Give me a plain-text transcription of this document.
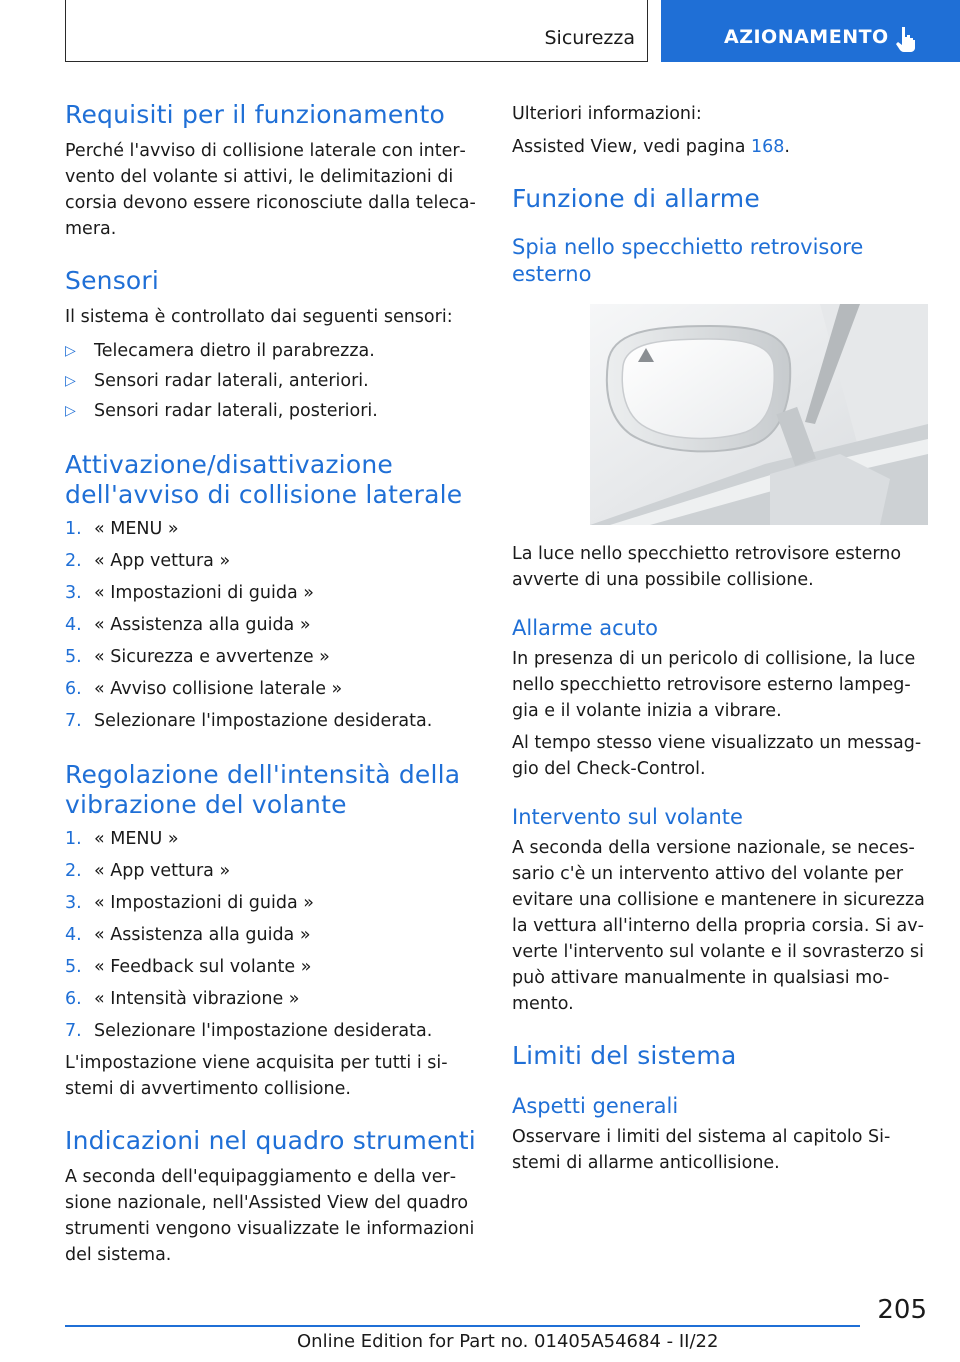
Sicurezza	AZIONAMENTO
Requisiti per il funzionamento

Perché l'avviso di collisione laterale con intervento del volante si attivi, le delimitazioni di corsia devono essere riconosciute dalla telecamera.

Sensori

Il sistema è controllato dai seguenti sensori:

▷ Telecamera dietro il parabrezza.
▷ Sensori radar laterali, anteriori.
▷ Sensori radar laterali, posteriori.
Attivazione/disattivazione
dell'avviso di collisione laterale
1. « MENU »
2. « App vettura »
3. « Impostazioni di guida »
4. « Assistenza alla guida »
5. « Sicurezza e avvertenze »
6. « Avviso collisione laterale »
7. Selezionare l'impostazione desiderata.
Regolazione dell'intensità della
vibrazione del volante
1. « MENU »
2. « App vettura »
3. « Impostazioni di guida »
4. « Assistenza alla guida »
5. « Feedback sul volante »
6. « Intensità vibrazione »
7. Selezionare l'impostazione desiderata.

L'impostazione viene acquisita per tutti i sistemi di avvertimento collisione.

Indicazioni nel quadro strumenti

A seconda dell'equipaggiamento e della versione nazionale, nell'Assisted View del quadro strumenti vengono visualizzate le informazioni del sistema.

Ulteriori informazioni:

Assisted View, vedi pagina 168.

Funzione di allarme
Spia nello specchietto retrovisore
esterno

La luce nello specchietto retrovisore esterno avverte di una possibile collisione.

Allarme acuto

In presenza di un pericolo di collisione, la luce nello specchietto retrovisore esterno lampeggia e il volante inizia a vibrare.

Al tempo stesso viene visualizzato un messaggio del Check-Control.

Intervento sul volante

A seconda della versione nazionale, se necessario c'è un intervento attivo del volante per evitare una collisione e mantenere in sicurezza la vettura all'interno della propria corsia. Si avverte l'intervento sul volante e il sovrasterzo si può attivare manualmente in qualsiasi momento.

Limiti del sistema
Aspetti generali

Osservare i limiti del sistema al capitolo Sistemi di allarme anticollisione.

205
Online Edition for Part no. 01405A54684 - II/22
